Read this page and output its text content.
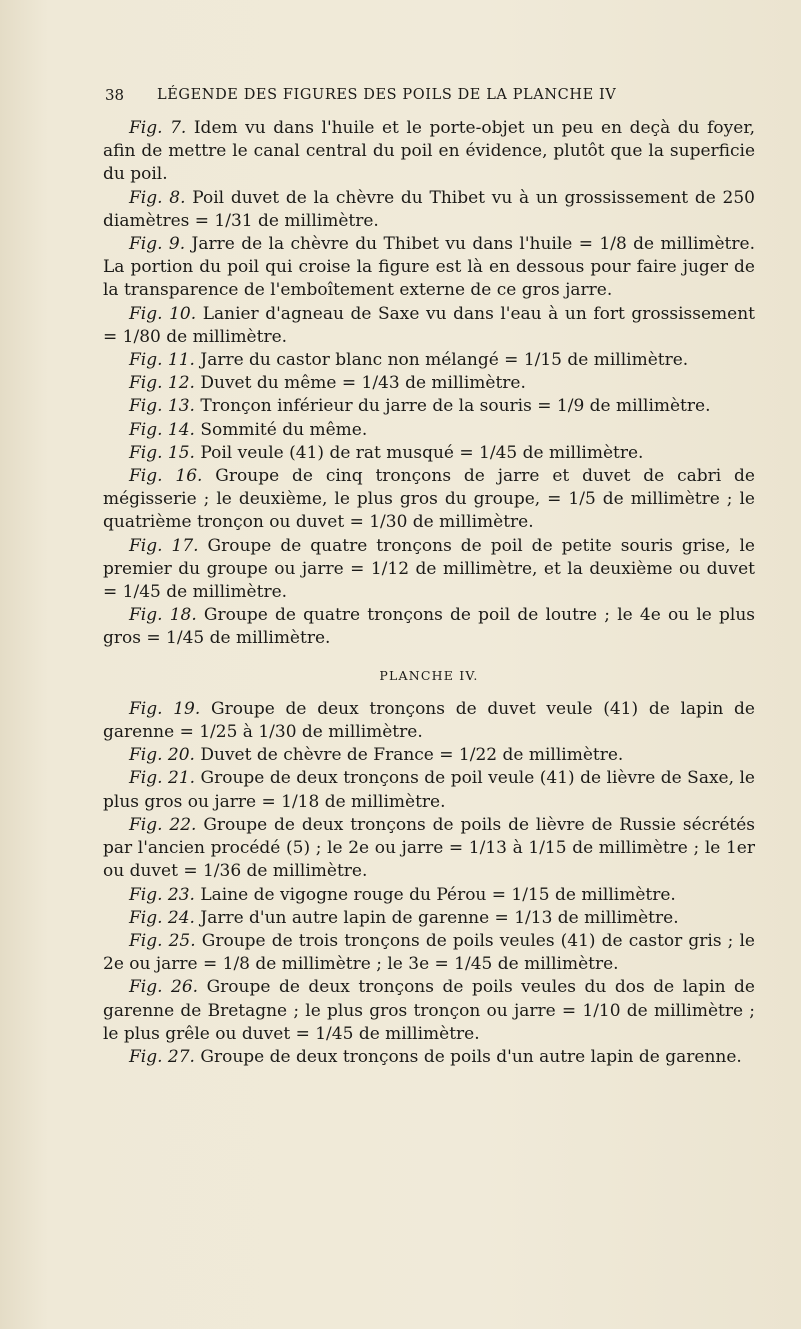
38 LÉGENDE DES FIGURES DES POILS DE LA PLANCHE IV

Fig. 7. Idem vu dans l'huile et le porte-objet un peu en deçà du foyer, afin de mettre le canal central du poil en évidence, plutôt que la superficie du poil.

Fig. 8. Poil duvet de la chèvre du Thibet vu à un grossissement de 250 diamètres = 1/31 de millimètre.

Fig. 9. Jarre de la chèvre du Thibet vu dans l'huile = 1/8 de millimètre. La portion du poil qui croise la figure est là en dessous pour faire juger de la transparence de l'emboîtement externe de ce gros jarre.

Fig. 10. Lanier d'agneau de Saxe vu dans l'eau à un fort grossissement = 1/80 de millimètre.

Fig. 11. Jarre du castor blanc non mélangé = 1/15 de millimètre.

Fig. 12. Duvet du même = 1/43 de millimètre.

Fig. 13. Tronçon inférieur du jarre de la souris = 1/9 de millimètre.

Fig. 14. Sommité du même.

Fig. 15. Poil veule (41) de rat musqué = 1/45 de millimètre.

Fig. 16. Groupe de cinq tronçons de jarre et duvet de cabri de mégisserie ; le deuxième, le plus gros du groupe, = 1/5 de millimètre ; le quatrième tronçon ou duvet = 1/30 de millimètre.

Fig. 17. Groupe de quatre tronçons de poil de petite souris grise, le premier du groupe ou jarre = 1/12 de millimètre, et la deuxième ou duvet = 1/45 de millimètre.

Fig. 18. Groupe de quatre tronçons de poil de loutre ; le 4e ou le plus gros = 1/45 de millimètre.

PLANCHE IV.

Fig. 19. Groupe de deux tronçons de duvet veule (41) de lapin de garenne = 1/25 à 1/30 de millimètre.

Fig. 20. Duvet de chèvre de France = 1/22 de millimètre.

Fig. 21. Groupe de deux tronçons de poil veule (41) de lièvre de Saxe, le plus gros ou jarre = 1/18 de millimètre.

Fig. 22. Groupe de deux tronçons de poils de lièvre de Russie sécrétés par l'ancien procédé (5) ; le 2e ou jarre = 1/13 à 1/15 de millimètre ; le 1er ou duvet = 1/36 de millimètre.

Fig. 23. Laine de vigogne rouge du Pérou = 1/15 de millimètre.

Fig. 24. Jarre d'un autre lapin de garenne = 1/13 de millimètre.

Fig. 25. Groupe de trois tronçons de poils veules (41) de castor gris ; le 2e ou jarre = 1/8 de millimètre ; le 3e = 1/45 de millimètre.

Fig. 26. Groupe de deux tronçons de poils veules du dos de lapin de garenne de Bretagne ; le plus gros tronçon ou jarre = 1/10 de millimètre ; le plus grêle ou duvet = 1/45 de millimètre.

Fig. 27. Groupe de deux tronçons de poils d'un autre lapin de garenne.
